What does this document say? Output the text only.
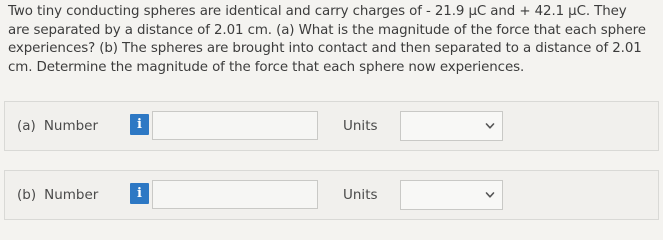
Two tiny conducting spheres are identical and carry charges of - 21.9 μC and + 42.1 μC. They

are separated by a distance of 2.01 cm. (a) What is the magnitude of the force that each sphere

experiences? (b) The spheres are brought into contact and then separated to a distance of 2.01

cm. Determine the magnitude of the force that each sphere now experiences.

(a) Number	i	Units
(b) Number	i	Units
